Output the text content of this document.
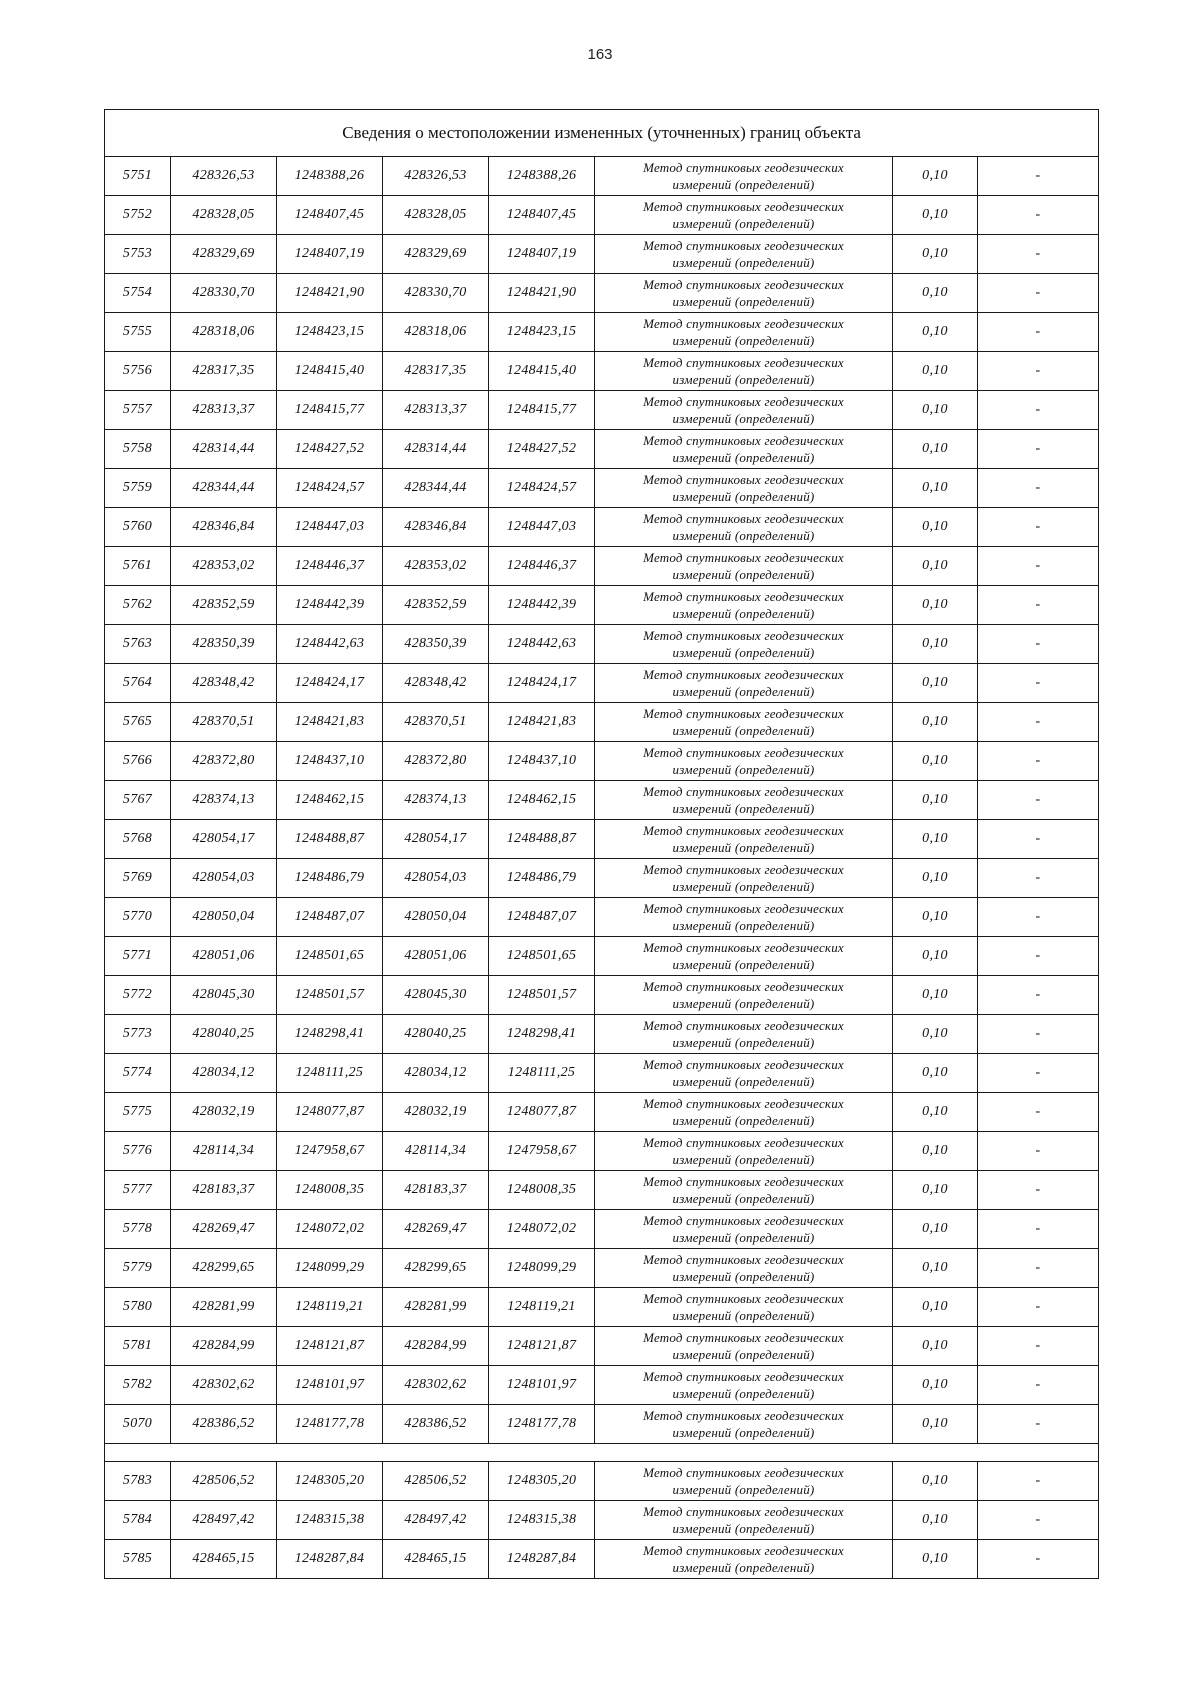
163
Сведения о местоположении измененных (уточненных) границ объекта							
5751	428326,53	1248388,26	428326,53	1248388,26	Метод спутниковых геодезических
измерений (определений)	0,10	-
5752	428328,05	1248407,45	428328,05	1248407,45	Метод спутниковых геодезических
измерений (определений)	0,10	-
5753	428329,69	1248407,19	428329,69	1248407,19	Метод спутниковых геодезических
измерений (определений)	0,10	-
5754	428330,70	1248421,90	428330,70	1248421,90	Метод спутниковых геодезических
измерений (определений)	0,10	-
5755	428318,06	1248423,15	428318,06	1248423,15	Метод спутниковых геодезических
измерений (определений)	0,10	-
5756	428317,35	1248415,40	428317,35	1248415,40	Метод спутниковых геодезических
измерений (определений)	0,10	-
5757	428313,37	1248415,77	428313,37	1248415,77	Метод спутниковых геодезических
измерений (определений)	0,10	-
5758	428314,44	1248427,52	428314,44	1248427,52	Метод спутниковых геодезических
измерений (определений)	0,10	-
5759	428344,44	1248424,57	428344,44	1248424,57	Метод спутниковых геодезических
измерений (определений)	0,10	-
5760	428346,84	1248447,03	428346,84	1248447,03	Метод спутниковых геодезических
измерений (определений)	0,10	-
5761	428353,02	1248446,37	428353,02	1248446,37	Метод спутниковых геодезических
измерений (определений)	0,10	-
5762	428352,59	1248442,39	428352,59	1248442,39	Метод спутниковых геодезических
измерений (определений)	0,10	-
5763	428350,39	1248442,63	428350,39	1248442,63	Метод спутниковых геодезических
измерений (определений)	0,10	-
5764	428348,42	1248424,17	428348,42	1248424,17	Метод спутниковых геодезических
измерений (определений)	0,10	-
5765	428370,51	1248421,83	428370,51	1248421,83	Метод спутниковых геодезических
измерений (определений)	0,10	-
5766	428372,80	1248437,10	428372,80	1248437,10	Метод спутниковых геодезических
измерений (определений)	0,10	-
5767	428374,13	1248462,15	428374,13	1248462,15	Метод спутниковых геодезических
измерений (определений)	0,10	-
5768	428054,17	1248488,87	428054,17	1248488,87	Метод спутниковых геодезических
измерений (определений)	0,10	-
5769	428054,03	1248486,79	428054,03	1248486,79	Метод спутниковых геодезических
измерений (определений)	0,10	-
5770	428050,04	1248487,07	428050,04	1248487,07	Метод спутниковых геодезических
измерений (определений)	0,10	-
5771	428051,06	1248501,65	428051,06	1248501,65	Метод спутниковых геодезических
измерений (определений)	0,10	-
5772	428045,30	1248501,57	428045,30	1248501,57	Метод спутниковых геодезических
измерений (определений)	0,10	-
5773	428040,25	1248298,41	428040,25	1248298,41	Метод спутниковых геодезических
измерений (определений)	0,10	-
5774	428034,12	1248111,25	428034,12	1248111,25	Метод спутниковых геодезических
измерений (определений)	0,10	-
5775	428032,19	1248077,87	428032,19	1248077,87	Метод спутниковых геодезических
измерений (определений)	0,10	-
5776	428114,34	1247958,67	428114,34	1247958,67	Метод спутниковых геодезических
измерений (определений)	0,10	-
5777	428183,37	1248008,35	428183,37	1248008,35	Метод спутниковых геодезических
измерений (определений)	0,10	-
5778	428269,47	1248072,02	428269,47	1248072,02	Метод спутниковых геодезических
измерений (определений)	0,10	-
5779	428299,65	1248099,29	428299,65	1248099,29	Метод спутниковых геодезических
измерений (определений)	0,10	-
5780	428281,99	1248119,21	428281,99	1248119,21	Метод спутниковых геодезических
измерений (определений)	0,10	-
5781	428284,99	1248121,87	428284,99	1248121,87	Метод спутниковых геодезических
измерений (определений)	0,10	-
5782	428302,62	1248101,97	428302,62	1248101,97	Метод спутниковых геодезических
измерений (определений)	0,10	-
5070	428386,52	1248177,78	428386,52	1248177,78	Метод спутниковых геодезических
измерений (определений)	0,10	-

5783	428506,52	1248305,20	428506,52	1248305,20	Метод спутниковых геодезических
измерений (определений)	0,10	-
5784	428497,42	1248315,38	428497,42	1248315,38	Метод спутниковых геодезических
измерений (определений)	0,10	-
5785	428465,15	1248287,84	428465,15	1248287,84	Метод спутниковых геодезических
измерений (определений)	0,10	-
